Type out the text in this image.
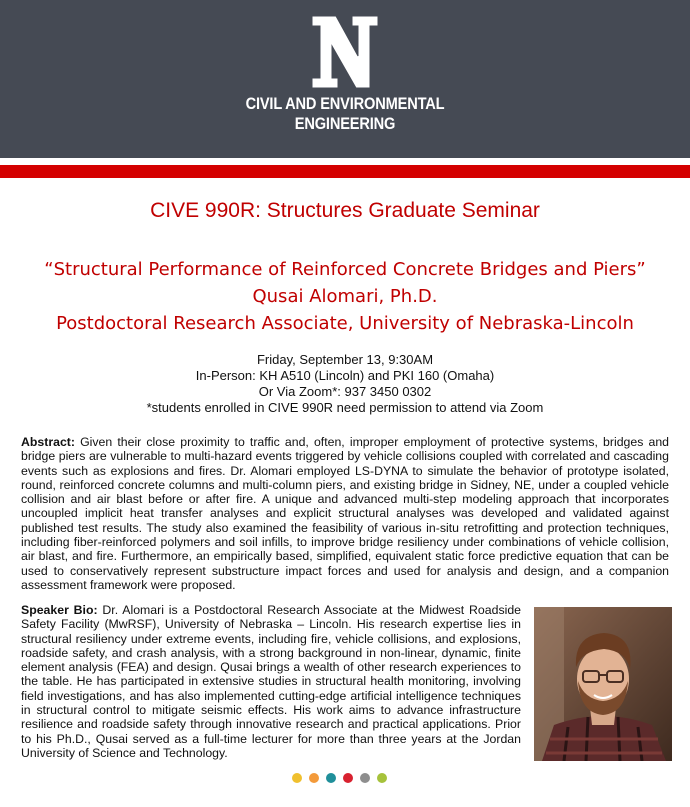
CIVIL AND ENVIRONMENTAL
ENGINEERING
CIVE 990R: Structures Graduate Seminar
“Structural Performance of Reinforced Concrete Bridges and Piers”
Qusai Alomari, Ph.D.
Postdoctoral Research Associate, University of Nebraska-Lincoln
Friday, September 13, 9:30AM
In-Person: KH A510 (Lincoln) and PKI 160 (Omaha)
Or Via Zoom*: 937 3450 0302
*students enrolled in CIVE 990R need permission to attend via Zoom

Abstract: Given their close proximity to traffic and, often, improper employment of protective systems, bridges and bridge piers are vulnerable to multi-hazard events triggered by vehicle collisions coupled with correlated and cascading events such as explosions and fires. Dr. Alomari employed LS-DYNA to simulate the behavior of prototype isolated, round, reinforced concrete columns and multi-column piers, and existing bridge in Sidney, NE, under a coupled vehicle collision and air blast before or after fire. A unique and advanced multi-step modeling approach that incorporates uncoupled implicit heat transfer analyses and explicit structural analyses was developed and validated against published test results. The study also examined the feasibility of various in-situ retrofitting and protection techniques, including fiber-reinforced polymers and soil infills, to improve bridge resiliency under combinations of vehicle collision, air blast, and fire. Furthermore, an empirically based, simplified, equivalent static force predictive equation that can be used to conservatively represent substructure impact forces and used for analysis and design, and a companion assessment framework were proposed.

Speaker Bio: Dr. Alomari is a Postdoctoral Research Associate at the Midwest Roadside Safety Facility (MwRSF), University of Nebraska – Lincoln. His research expertise lies in structural resiliency under extreme events, including fire, vehicle collisions, and explosions, roadside safety, and crash analysis, with a strong background in non-linear, dynamic, finite element analysis (FEA) and design. Qusai brings a wealth of other research experiences to the table. He has participated in extensive studies in structural health monitoring, involving field investigations, and has also implemented cutting-edge artificial intelligence techniques in structural control to mitigate seismic effects. His work aims to advance infrastructure resilience and roadside safety through innovative research and practical applications. Prior to his Ph.D., Qusai served as a full-time lecturer for more than three years at the Jordan University of Science and Technology.
